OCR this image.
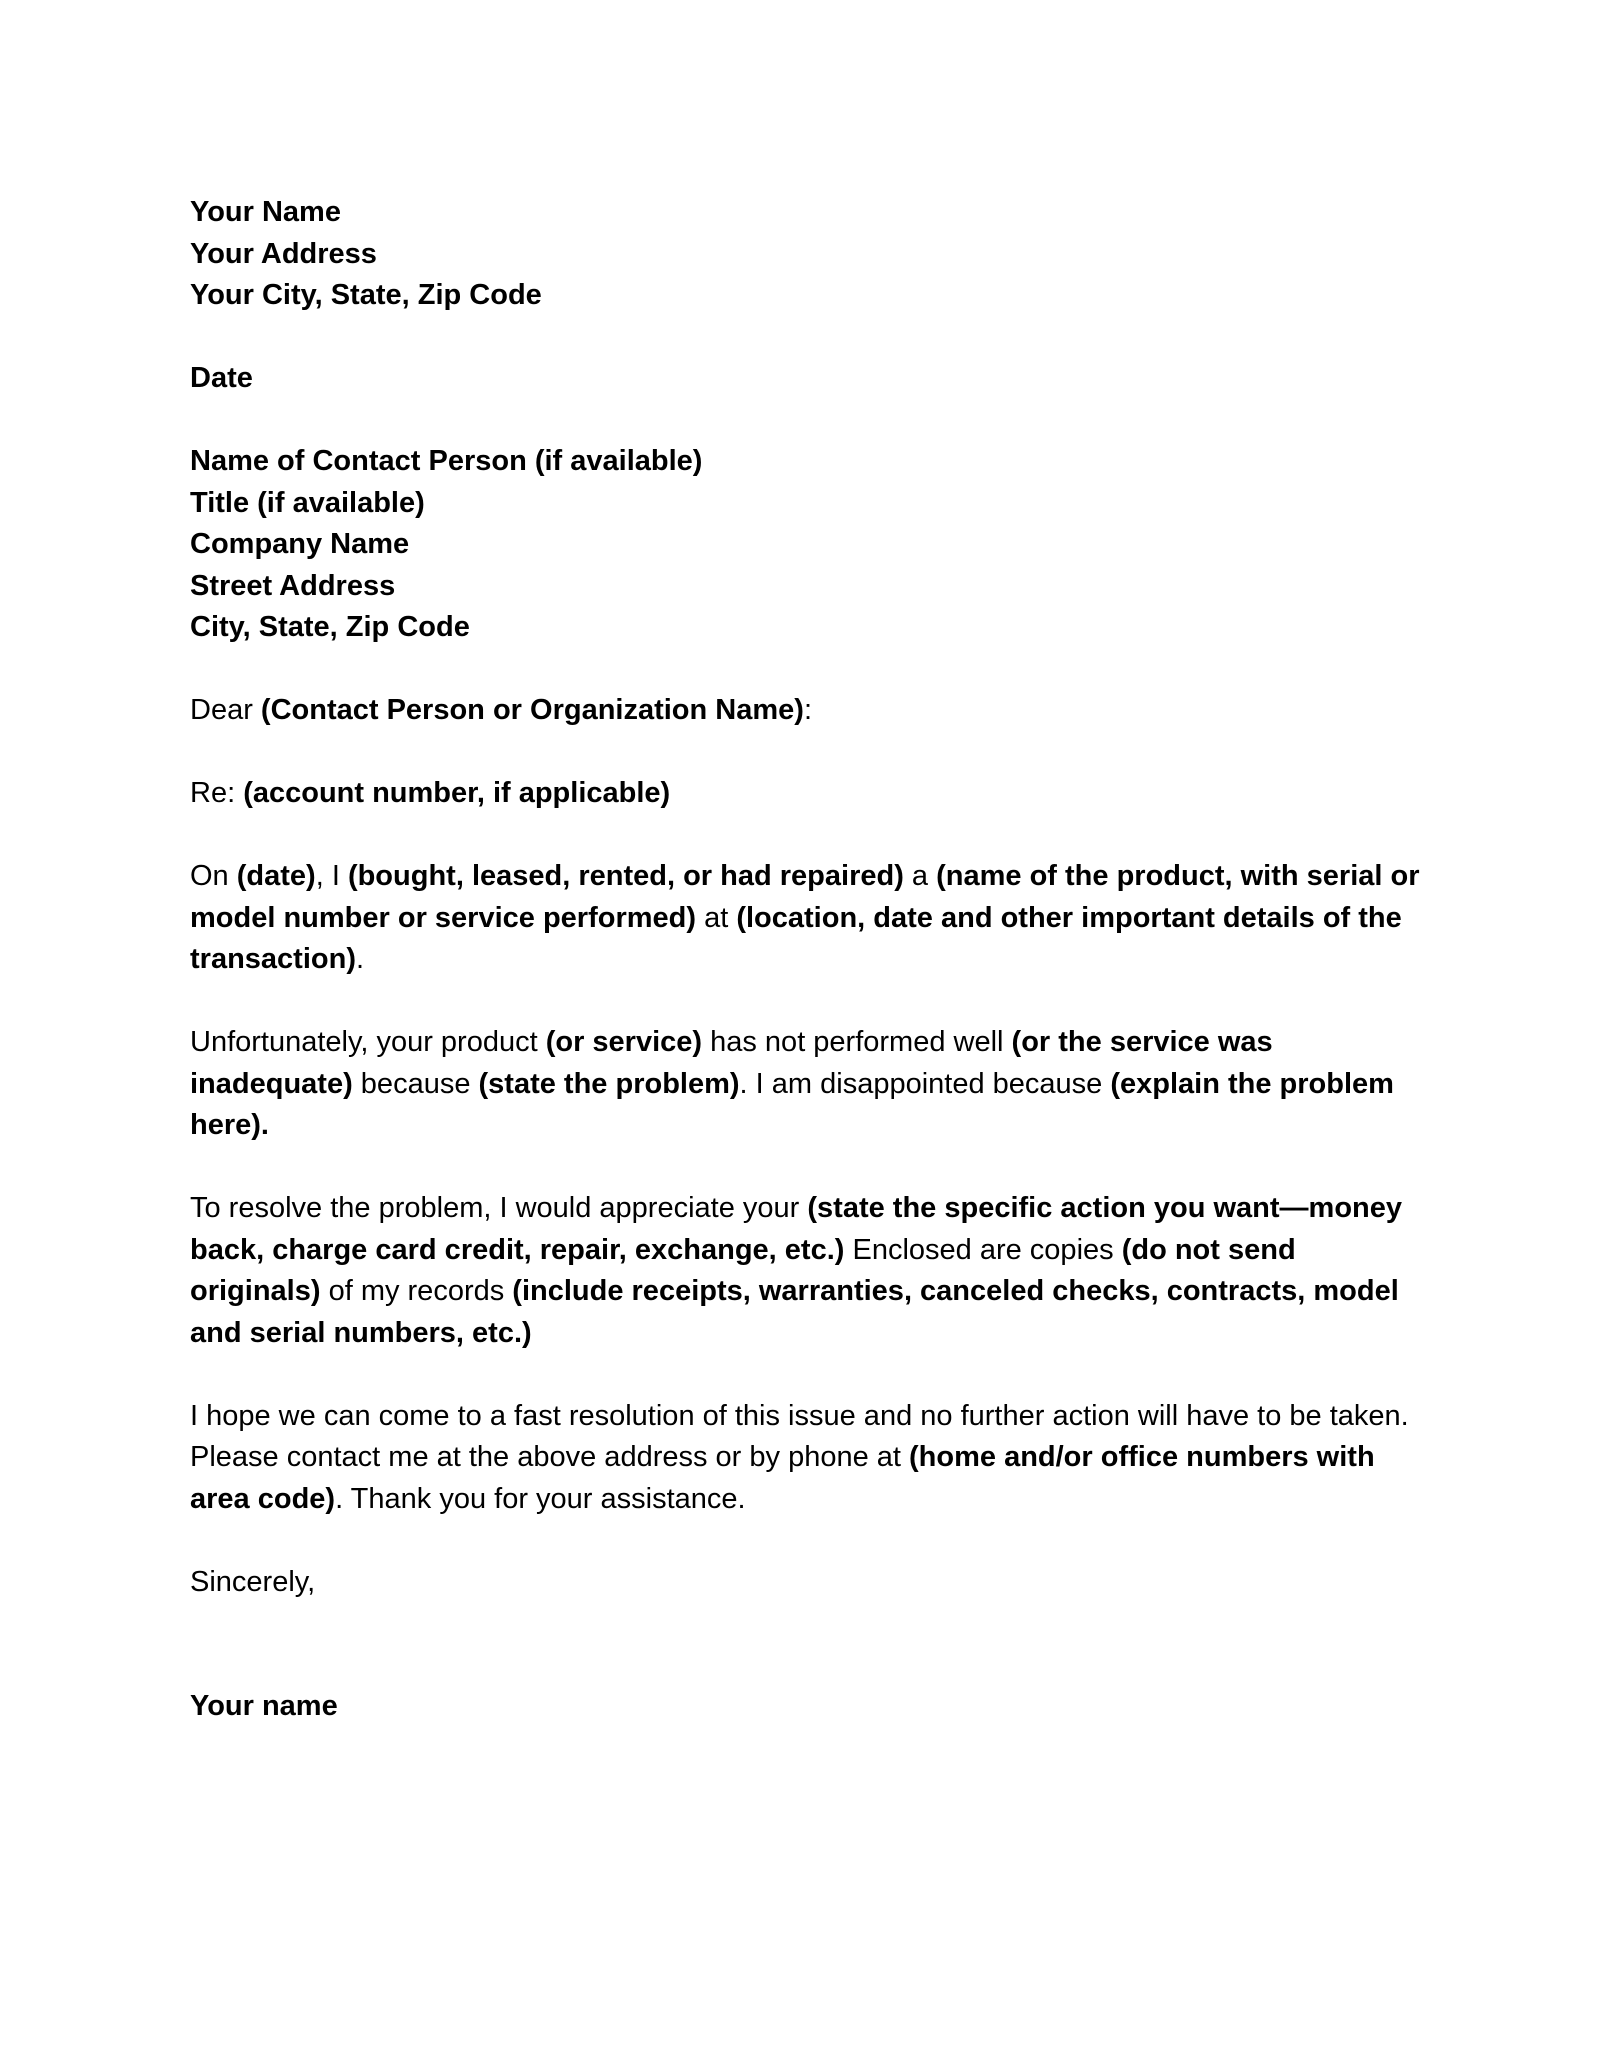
Your Name
Your Address
Your City, State, Zip Code
Date
Name of Contact Person (if available)
Title (if available)
Company Name
Street Address
City, State, Zip Code

Dear (Contact Person or Organization Name):

Re: (account number, if applicable)

On (date), I (bought, leased, rented, or had repaired) a (name of the product, with serial or model number or service performed) at (location, date and other important details of the transaction).

Unfortunately, your product (or service) has not performed well (or the service was inadequate) because (state the problem). I am disappointed because (explain the problem here).

To resolve the problem, I would appreciate your (state the specific action you want—money back, charge card credit, repair, exchange, etc.) Enclosed are copies (do not send originals) of my records (include receipts, warranties, canceled checks, contracts, model and serial numbers, etc.)

I hope we can come to a fast resolution of this issue and no further action will have to be taken. Please contact me at the above address or by phone at (home and/or office numbers with area code). Thank you for your assistance.

Sincerely,

Your name
